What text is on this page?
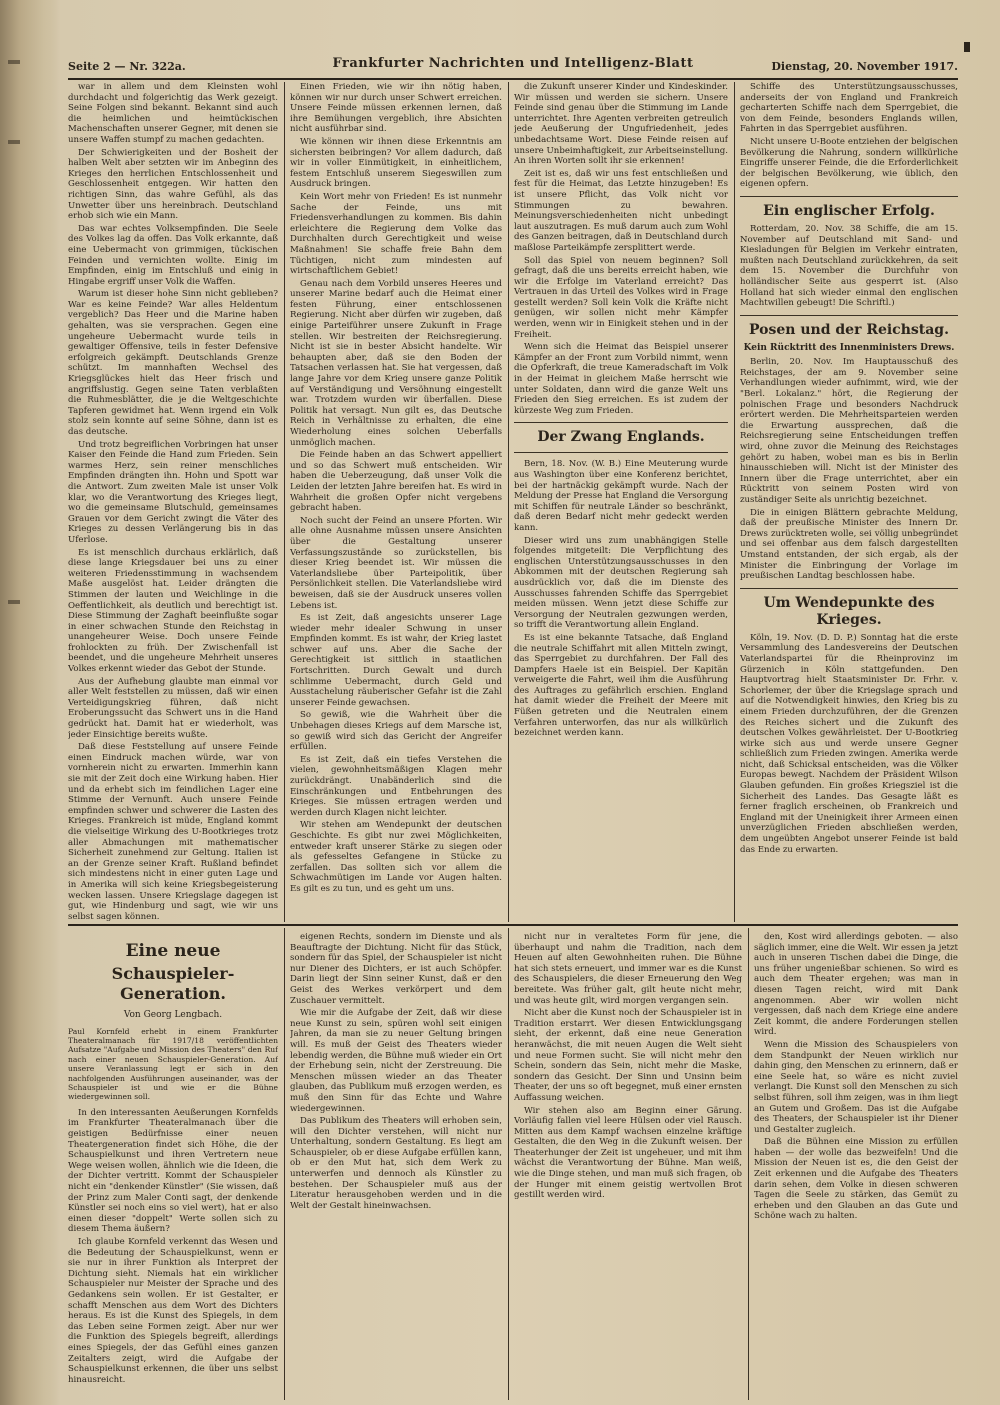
Seite 2 — Nr. 322a.	Frankfurter Nachrichten und Intelligenz-Blatt	Dienstag, 20. November 1917.

war in allem und dem Kleinsten wohl durchdacht und folgerichtig das Werk gezeigt. Seine Folgen sind bekannt. Bekannt sind auch die heimlichen und heimtückischen Machenschaften unserer Gegner, mit denen sie unsere Waffen stumpf zu machen gedachten.

Der Schwierigkeiten und der Bosheit der halben Welt aber setzten wir im Anbeginn des Krieges den herrlichen Entschlossenheit und Geschlossenheit entgegen. Wir hatten den richtigen Sinn, das wahre Gefühl, als das Unwetter über uns hereinbrach. Deutschland erhob sich wie ein Mann.

Das war echtes Volksempfinden. Die Seele des Volkes lag da offen. Das Volk erkannte, daß eine Uebermacht von grimmigen, tückischen Feinden und vernichten wollte. Einig im Empfinden, einig im Entschluß und einig in Hingabe ergriff unser Volk die Waffen.

Warum ist dieser hohe Sinn nicht geblieben? War es keine Feinde? War alles Heldentum vergeblich? Das Heer und die Marine haben gehalten, was sie versprachen. Gegen eine ungeheure Uebermacht wurde teils in gewaltiger Offensive, teils in fester Defensive erfolgreich gekämpft. Deutschlands Grenze schützt. Im mannhaften Wechsel des Kriegsglückes hielt das Heer frisch und angriffslustig. Gegen seine Taten verblaßten die Ruhmesblätter, die je die Weltgeschichte Tapferen gewidmet hat. Wenn irgend ein Volk stolz sein konnte auf seine Söhne, dann ist es das deutsche.

Und trotz begreiflichen Vorbringen hat unser Kaiser den Feinde die Hand zum Frieden. Sein warmes Herz, sein reiner menschliches Empfinden drängten ihn. Hohn und Spott war die Antwort. Zum zweiten Male ist unser Volk klar, wo die Verantwortung des Krieges liegt, wo die gemeinsame Blutschuld, gemeinsames Grauen vor dem Gericht zwingt die Väter des Krieges zu dessen Verlängerung bis in das Uferlose.

Es ist menschlich durchaus erklärlich, daß diese lange Kriegsdauer bei uns zu einer weiteren Friedensstimmung in wachsendem Maße ausgelöst hat. Leider drängten die Stimmen der lauten und Weichlinge in die Oeffentlichkeit, als deutlich und berechtigt ist. Diese Stimmung der Zaghaft beeinflußte sogar in einer schwachen Stunde den Reichstag in unangeheurer Weise. Doch unsere Feinde frohlockten zu früh. Der Zwischenfall ist beendet, und die ungeheure Mehrheit unseres Volkes erkennt wieder das Gebot der Stunde.

Aus der Aufhebung glaubte man einmal vor aller Welt feststellen zu müssen, daß wir einen Verteidigungskrieg führen, daß nicht Eroberungssucht das Schwert uns in die Hand gedrückt hat. Damit hat er wiederholt, was jeder Einsichtige bereits wußte.

Daß diese Feststellung auf unsere Feinde einen Eindruck machen würde, war von vornherein nicht zu erwarten. Immerhin kann sie mit der Zeit doch eine Wirkung haben. Hier und da erhebt sich im feindlichen Lager eine Stimme der Vernunft. Auch unsere Feinde empfinden schwer und schwerer die Lasten des Krieges. Frankreich ist müde, England kommt die vielseitige Wirkung des U-Bootkrieges trotz aller Abmachungen mit mathematischer Sicherheit zunehmend zur Geltung. Italien ist an der Grenze seiner Kraft. Rußland befindet sich mindestens nicht in einer guten Lage und in Amerika will sich keine Kriegsbegeisterung wecken lassen. Unsere Kriegslage dagegen ist gut, wie Hindenburg und sagt, wie wir uns selbst sagen können.

Einen Frieden, wie wir ihn nötig haben, können wir nur durch unser Schwert erreichen. Unsere Feinde müssen erkennen lernen, daß ihre Bemühungen vergeblich, ihre Absichten nicht ausführbar sind.

Wie können wir ihnen diese Erkenntnis am sichersten beibringen? Vor allem dadurch, daß wir in voller Einmütigkeit, in einheitlichem, festem Entschluß unserem Siegeswillen zum Ausdruck bringen.

Kein Wort mehr von Frieden! Es ist nunmehr Sache der Feinde, uns mit Friedensverhandlungen zu kommen. Bis dahin erleichtere die Regierung dem Volke das Durchhalten durch Gerechtigkeit und weise Maßnahmen! Sie schaffe freie Bahn dem Tüchtigen, nicht zum mindesten auf wirtschaftlichem Gebiet!

Genau nach dem Vorbild unseres Heeres und unserer Marine bedarf auch die Heimat einer festen Führung, einer entschlossenen Regierung. Nicht aber dürfen wir zugeben, daß einige Parteiführer unsere Zukunft in Frage stellen. Wir bestreiten der Reichsregierung. Nicht ist sie in bester Absicht handelte. Wir behaupten aber, daß sie den Boden der Tatsachen verlassen hat. Sie hat vergessen, daß lange Jahre vor dem Krieg unsere ganze Politik auf Verständigung und Versöhnung eingestellt war. Trotzdem wurden wir überfallen. Diese Politik hat versagt. Nun gilt es, das Deutsche Reich in Verhältnisse zu erhalten, die eine Wiederholung eines solchen Ueberfalls unmöglich machen.

Die Feinde haben an das Schwert appelliert und so das Schwert muß entscheiden. Wir haben die Ueberzeugung, daß unser Volk die Leiden der letzten Jahre bereifen hat. Es wird in Wahrheit die großen Opfer nicht vergebens gebracht haben.

Noch sucht der Feind an unsere Pforten. Wir alle ohne Ausnahme müssen unsere Ansichten über die Gestaltung unserer Verfassungszustände so zurückstellen, bis dieser Krieg beendet ist. Wir müssen die Vaterlandsliebe über Parteipolitik, über Persönlichkeit stellen. Die Vaterlandsliebe wird beweisen, daß sie der Ausdruck unseres vollen Lebens ist.

Es ist Zeit, daß angesichts unserer Lage wieder mehr idealer Schwung in unser Empfinden kommt. Es ist wahr, der Krieg lastet schwer auf uns. Aber die Sache der Gerechtigkeit ist sittlich in staatlichen Fortschritten. Durch Gewalt und durch schlimme Uebermacht, durch Geld und Ausstachelung räuberischer Gefahr ist die Zahl unserer Feinde gewachsen.

So gewiß, wie die Wahrheit über die Unbehagen dieses Kriegs auf dem Marsche ist, so gewiß wird sich das Gericht der Angreifer erfüllen.

Es ist Zeit, daß ein tiefes Verstehen die vielen, gewohnheitsmäßigen Klagen mehr zurückdrängt. Unabänderlich sind die Einschränkungen und Entbehrungen des Krieges. Sie müssen ertragen werden und werden durch Klagen nicht leichter.

Wir stehen am Wendepunkt der deutschen Geschichte. Es gibt nur zwei Möglichkeiten, entweder kraft unserer Stärke zu siegen oder als gefesseltes Gefangene in Stücke zu zerfallen. Das sollten sich vor allem die Schwachmütigen im Lande vor Augen halten. Es gilt es zu tun, und es geht um uns.

die Zukunft unserer Kinder und Kindeskinder. Wir müssen und werden sie sichern. Unsere Feinde sind genau über die Stimmung im Lande unterrichtet. Ihre Agenten verbreiten getreulich jede Aeußerung der Ungufriedenheit, jedes unbedachtsame Wort. Diese Feinde reisen auf unsere Unbeimhaftigkeit, zur Arbeitseinstellung. An ihren Worten sollt ihr sie erkennen!

Zeit ist es, daß wir uns fest entschließen und fest für die Heimat, das Letzte hinzugeben! Es ist unsere Pflicht, das Volk nicht vor Stimmungen zu bewahren. Meinungsverschiedenheiten nicht unbedingt laut auszutragen. Es muß darum auch zum Wohl des Ganzen beitragen, daß in Deutschland durch maßlose Parteikämpfe zersplittert werde.

Soll das Spiel von neuem beginnen? Soll gefragt, daß die uns bereits erreicht haben, wie wir die Erfolge im Vaterland erreicht? Das Vertrauen in das Urteil des Volkes wird in Frage gestellt werden? Soll kein Volk die Kräfte nicht genügen, wir sollen nicht mehr Kämpfer werden, wenn wir in Einigkeit stehen und in der Freiheit.

Wenn sich die Heimat das Beispiel unserer Kämpfer an der Front zum Vorbild nimmt, wenn die Opferkraft, die treue Kameradschaft im Volk in der Heimat in gleichem Maße herrscht wie unter Soldaten, dann wird die ganze Welt uns Frieden den Sieg erreichen. Es ist zudem der kürzeste Weg zum Frieden.

Der Zwang Englands.

Bern, 18. Nov. (W. B.) Eine Meuterung wurde aus Washington über eine Konferenz berichtet, bei der hartnäckig gekämpft wurde. Nach der Meldung der Presse hat England die Versorgung mit Schiffen für neutrale Länder so beschränkt, daß deren Bedarf nicht mehr gedeckt werden kann.

Dieser wird uns zum unabhängigen Stelle folgendes mitgeteilt: Die Verpflichtung des englischen Unterstützungsausschusses in den Abkommen mit der deutschen Regierung sah ausdrücklich vor, daß die im Dienste des Ausschusses fahrenden Schiffe das Sperrgebiet meiden müssen. Wenn jetzt diese Schiffe zur Versorgung der Neutralen gezwungen werden, so trifft die Verantwortung allein England.

Es ist eine bekannte Tatsache, daß England die neutrale Schiffahrt mit allen Mitteln zwingt, das Sperrgebiet zu durchfahren. Der Fall des Dampfers Haele ist ein Beispiel. Der Kapitän verweigerte die Fahrt, weil ihm die Ausführung des Auftrages zu gefährlich erschien. England hat damit wieder die Freiheit der Meere mit Füßen getreten und die Neutralen einem Verfahren unterworfen, das nur als willkürlich bezeichnet werden kann.

Schiffe des Unterstützungsausschusses, anderseits der von England und Frankreich gecharterten Schiffe nach dem Sperrgebiet, die von dem Feinde, besonders Englands willen, Fahrten in das Sperrgebiet ausführen.

Nicht unsere U-Boote entziehen der belgischen Bevölkerung die Nahrung, sondern willkürliche Eingriffe unserer Feinde, die die Erforderlichkeit der belgischen Bevölkerung, wie üblich, den eigenen opfern.

Ein englischer Erfolg.

Rotterdam, 20. Nov. 38 Schiffe, die am 15. November auf Deutschland mit Sand- und Kiesladungen für Belgien im Verkehr eintraten, mußten nach Deutschland zurückkehren, da seit dem 15. November die Durchfuhr von holländischer Seite aus gesperrt ist. (Also Holland hat sich wieder einmal den englischen Machtwillen gebeugt! Die Schriftl.)

Posen und der Reichstag.
Kein Rücktritt des Innenministers Drews.

Berlin, 20. Nov. Im Hauptausschuß des Reichstages, der am 9. November seine Verhandlungen wieder aufnimmt, wird, wie der "Berl. Lokalanz." hört, die Regierung der polnischen Frage und besonders Nachdruck erörtert werden. Die Mehrheitsparteien werden die Erwartung aussprechen, daß die Reichsregierung seine Entscheidungen treffen wird, ohne zuvor die Meinung des Reichstages gehört zu haben, wobei man es bis in Berlin hinausschieben will. Nicht ist der Minister des Innern über die Frage unterrichtet, aber ein Rücktritt von seinem Posten wird von zuständiger Seite als unrichtig bezeichnet.

Die in einigen Blättern gebrachte Meldung, daß der preußische Minister des Innern Dr. Drews zurücktreten wolle, sei völlig unbegründet und sei offenbar aus dem falsch dargestellten Umstand entstanden, der sich ergab, als der Minister die Einbringung der Vorlage im preußischen Landtag beschlossen habe.

Um Wendepunkte des Krieges.

Köln, 19. Nov. (D. D. P.) Sonntag hat die erste Versammlung des Landesvereins der Deutschen Vaterlandspartei für die Rheinprovinz im Gürzenich in Köln stattgefunden. Den Hauptvortrag hielt Staatsminister Dr. Frhr. v. Schorlemer, der über die Kriegslage sprach und auf die Notwendigkeit hinwies, den Krieg bis zu einem Frieden durchzuführen, der die Grenzen des Reiches sichert und die Zukunft des deutschen Volkes gewährleistet. Der U-Bootkrieg wirke sich aus und werde unsere Gegner schließlich zum Frieden zwingen. Amerika werde nicht, daß Schicksal entscheiden, was die Völker Europas bewegt. Nachdem der Präsident Wilson Glauben gefunden. Ein großes Kriegsziel ist die Sicherheit des Landes. Das Gesagte läßt es ferner fraglich erscheinen, ob Frankreich und England mit der Uneinigkeit ihrer Armeen einen unverzüglichen Frieden abschließen werden, dem ungeübten Angebot unserer Feinde ist bald das Ende zu erwarten.

Eine neue
Schauspieler-Generation.
Von Georg Lengbach.
Paul Kornfeld erhebt in einem Frankfurter Theateralmanach für 1917/18 veröffentlichten Aufsatze "Aufgabe und Mission des Theaters" den Ruf nach einer neuen Schauspieler-Generation. Auf unsere Veranlassung legt er sich in den nachfolgenden Ausführungen auseinander, was der Schauspieler ist und wie er die Bühne wiedergewinnen soll.

In den interessanten Aeußerungen Kornfelds im Frankfurter Theateralmanach über die geistigen Bedürfnisse einer neuen Theatergeneration findet sich Höhe, die der Schauspielkunst und ihren Vertretern neue Wege weisen wollen, ähnlich wie die Ideen, die der Dichter vertritt. Kommt der Schauspieler nicht ein "denkender Künstler" (Sie wissen, daß der Prinz zum Maler Conti sagt, der denkende Künstler sei noch eins so viel wert), hat er also einen dieser "doppelt" Werte sollen sich zu diesem Thema äußern?

Ich glaube Kornfeld verkennt das Wesen und die Bedeutung der Schauspielkunst, wenn er sie nur in ihrer Funktion als Interpret der Dichtung sieht. Niemals hat ein wirklicher Schauspieler nur Meister der Sprache und des Gedankens sein wollen. Er ist Gestalter, er schafft Menschen aus dem Wort des Dichters heraus. Es ist die Kunst des Spiegels, in dem das Leben seine Formen zeigt. Aber nur wer die Funktion des Spiegels begreift, allerdings eines Spiegels, der das Gefühl eines ganzen Zeitalters zeigt, wird die Aufgabe der Schauspielkunst erkennen, die über uns selbst hinausreicht.

eigenen Rechts, sondern im Dienste und als Beauftragte der Dichtung. Nicht für das Stück, sondern für das Spiel, der Schauspieler ist nicht nur Diener des Dichters, er ist auch Schöpfer. Darin liegt der Sinn seiner Kunst, daß er den Geist des Werkes verkörpert und dem Zuschauer vermittelt.

Wie mir die Aufgabe der Zeit, daß wir diese neue Kunst zu sein, spüren wohl seit einigen Jahren, da man sie zu neuer Geltung bringen will. Es muß der Geist des Theaters wieder lebendig werden, die Bühne muß wieder ein Ort der Erhebung sein, nicht der Zerstreuung. Die Menschen müssen wieder an das Theater glauben, das Publikum muß erzogen werden, es muß den Sinn für das Echte und Wahre wiedergewinnen.

Das Publikum des Theaters will erhoben sein, will den Dichter verstehen, will nicht nur Unterhaltung, sondern Gestaltung. Es liegt am Schauspieler, ob er diese Aufgabe erfüllen kann, ob er den Mut hat, sich dem Werk zu unterwerfen und dennoch als Künstler zu bestehen. Der Schauspieler muß aus der Literatur herausgehoben werden und in die Welt der Gestalt hineinwachsen.

nicht nur in veraltetes Form für jene, die überhaupt und nahm die Tradition, nach dem Heuen auf alten Gewohnheiten ruhen. Die Bühne hat sich stets erneuert, und immer war es die Kunst des Schauspielers, die dieser Erneuerung den Weg bereitete. Was früher galt, gilt heute nicht mehr, und was heute gilt, wird morgen vergangen sein.

Nicht aber die Kunst noch der Schauspieler ist in Tradition erstarrt. Wer diesen Entwicklungsgang sieht, der erkennt, daß eine neue Generation heranwächst, die mit neuen Augen die Welt sieht und neue Formen sucht. Sie will nicht mehr den Schein, sondern das Sein, nicht mehr die Maske, sondern das Gesicht. Der Sinn und Unsinn beim Theater, der uns so oft begegnet, muß einer ernsten Auffassung weichen.

Wir stehen also am Beginn einer Gärung. Vorläufig fallen viel leere Hülsen oder viel Rausch. Mitten aus dem Kampf wachsen einzelne kräftige Gestalten, die den Weg in die Zukunft weisen. Der Theaterhunger der Zeit ist ungeheuer, und mit ihm wächst die Verantwortung der Bühne. Man weiß, wie die Dinge stehen, und man muß sich fragen, ob der Hunger mit einem geistig wertvollen Brot gestillt werden wird.

den, Kost wird allerdings geboten. — also säglich immer, eine die Welt. Wir essen ja jetzt auch in unseren Tischen dabei die Dinge, die uns früher ungenießbar schienen. So wird es auch dem Theater ergehen; was man in diesen Tagen reicht, wird mit Dank angenommen. Aber wir wollen nicht vergessen, daß nach dem Kriege eine andere Zeit kommt, die andere Forderungen stellen wird.

Wenn die Mission des Schauspielers von dem Standpunkt der Neuen wirklich nur dahin ging, den Menschen zu erinnern, daß er eine Seele hat, so wäre es nicht zuviel verlangt. Die Kunst soll den Menschen zu sich selbst führen, soll ihm zeigen, was in ihm liegt an Gutem und Großem. Das ist die Aufgabe des Theaters, der Schauspieler ist ihr Diener und Gestalter zugleich.

Daß die Bühnen eine Mission zu erfüllen haben — der wolle das bezweifeln! Und die Mission der Neuen ist es, die den Geist der Zeit erkennen und die Aufgabe des Theaters darin sehen, dem Volke in diesen schweren Tagen die Seele zu stärken, das Gemüt zu erheben und den Glauben an das Gute und Schöne wach zu halten.
